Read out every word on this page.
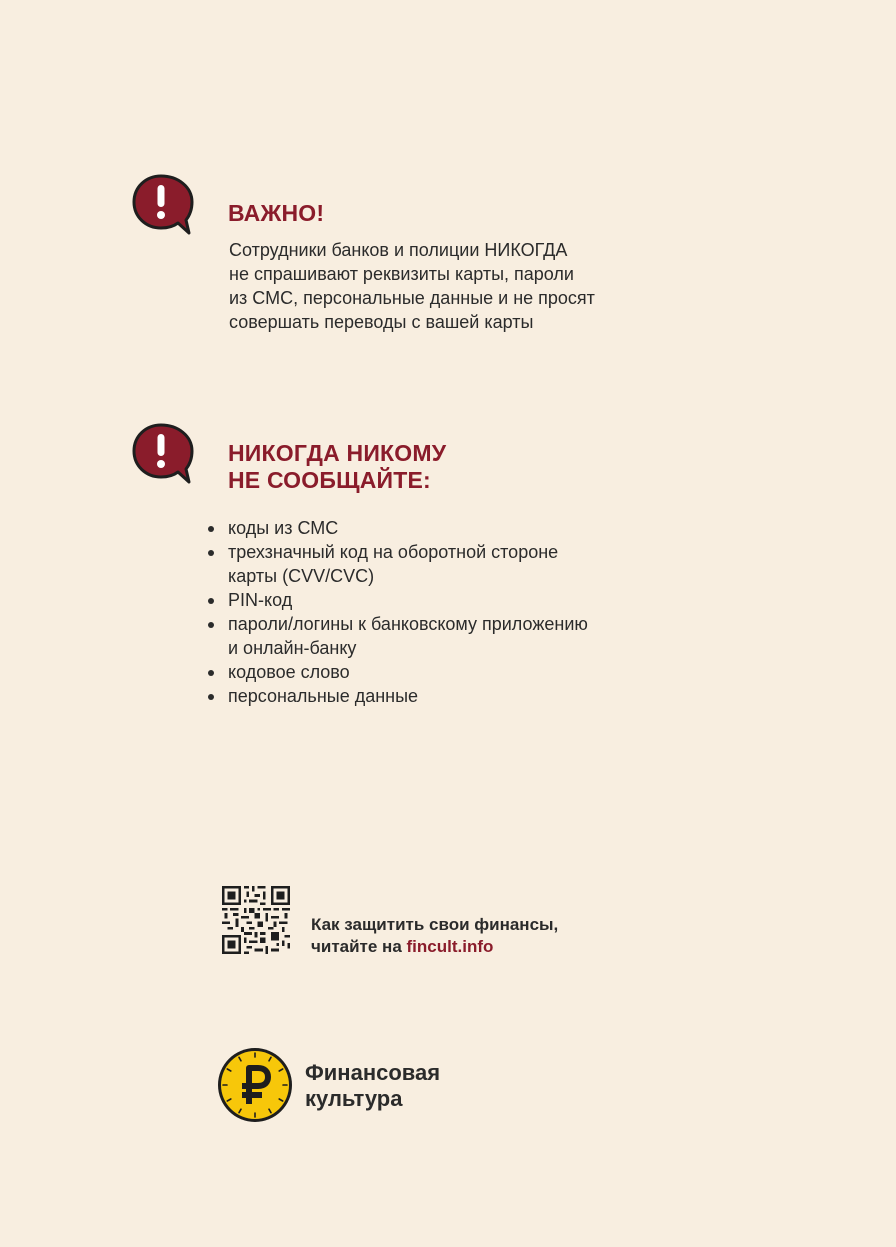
ВАЖНО!

Сотрудники банков и полиции НИКОГДА
не спрашивают реквизиты карты, пароли
из СМС, персональные данные и не просят
совершать переводы с вашей карты

НИКОГДА НИКОМУ
НЕ СООБЩАЙТЕ:
коды из СМС
трехзначный код на оборотной стороне
карты (CVV/CVC)
PIN-код
пароли/логины к банковскому приложению
и онлайн-банку
кодовое слово
персональные данные

Как защитить свои финансы,
читайте на fincult.info

Финансовая
культура
